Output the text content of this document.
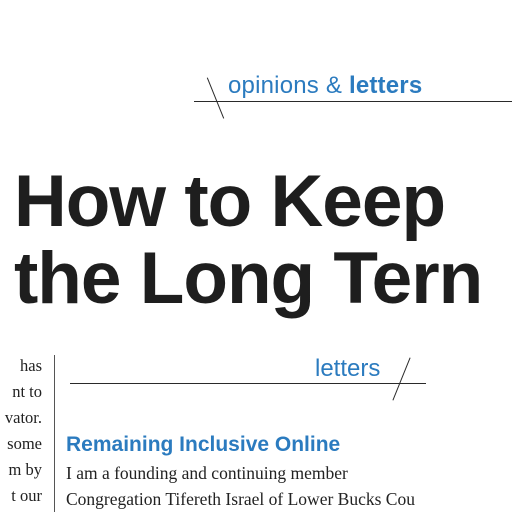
opinions & letters
How to Keep
the Long Tern
has
nt to
vator.
some
m by
t our
letters
Remaining Inclusive Online
I am a founding and continuing member
Congregation Tifereth Israel of Lower Bucks Cou
